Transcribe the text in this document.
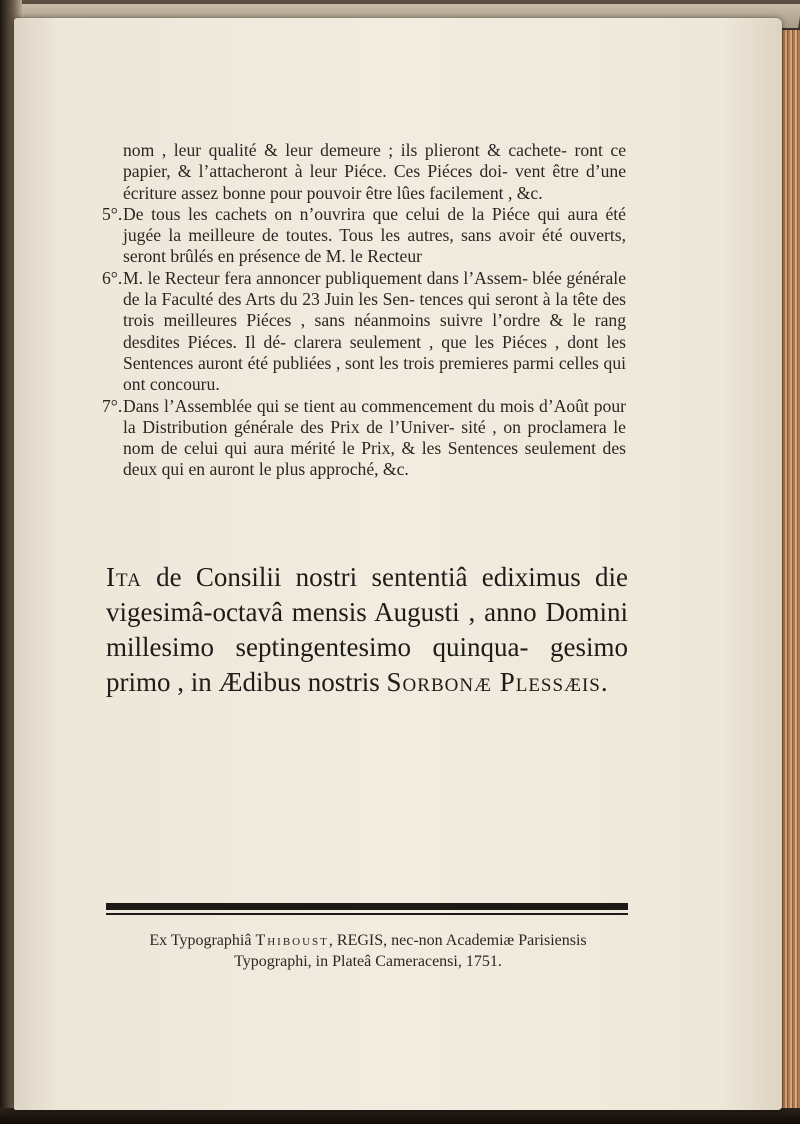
nom , leur qualité & leur demeure ; ils plieront & cachete- ront ce papier, & l’attacheront à leur Piéce. Ces Piéces doi- vent être d’une écriture assez bonne pour pouvoir être lûes facilement , &c.

5°. De tous les cachets on n’ouvrira que celui de la Piéce qui aura été jugée la meilleure de toutes. Tous les autres, sans avoir été ouverts, seront brûlés en présence de M. le Recteur

6°. M. le Recteur fera annoncer publiquement dans l’Assem- blée générale de la Faculté des Arts du 23 Juin les Sen- tences qui seront à la tête des trois meilleures Piéces , sans néanmoins suivre l’ordre & le rang desdites Piéces. Il dé- clarera seulement , que les Piéces , dont les Sentences auront été publiées , sont les trois premieres parmi celles qui ont concouru.

7°. Dans l’Assemblée qui se tient au commencement du mois d’Août pour la Distribution générale des Prix de l’Univer- sité , on proclamera le nom de celui qui aura mérité le Prix, & les Sentences seulement des deux qui en auront le plus approché, &c.

Ita de Consilii nostri sententiâ ediximus die vigesimâ-octavâ mensis Augusti , anno Domini millesimo septingentesimo quinqua- gesimo primo , in Ædibus nostris Sorbonæ Plessæis.
Ex Typographiâ Thiboust, REGIS, nec-non Academiæ Parisiensis
Typographi, in Plateâ Cameracensi, 1751.
